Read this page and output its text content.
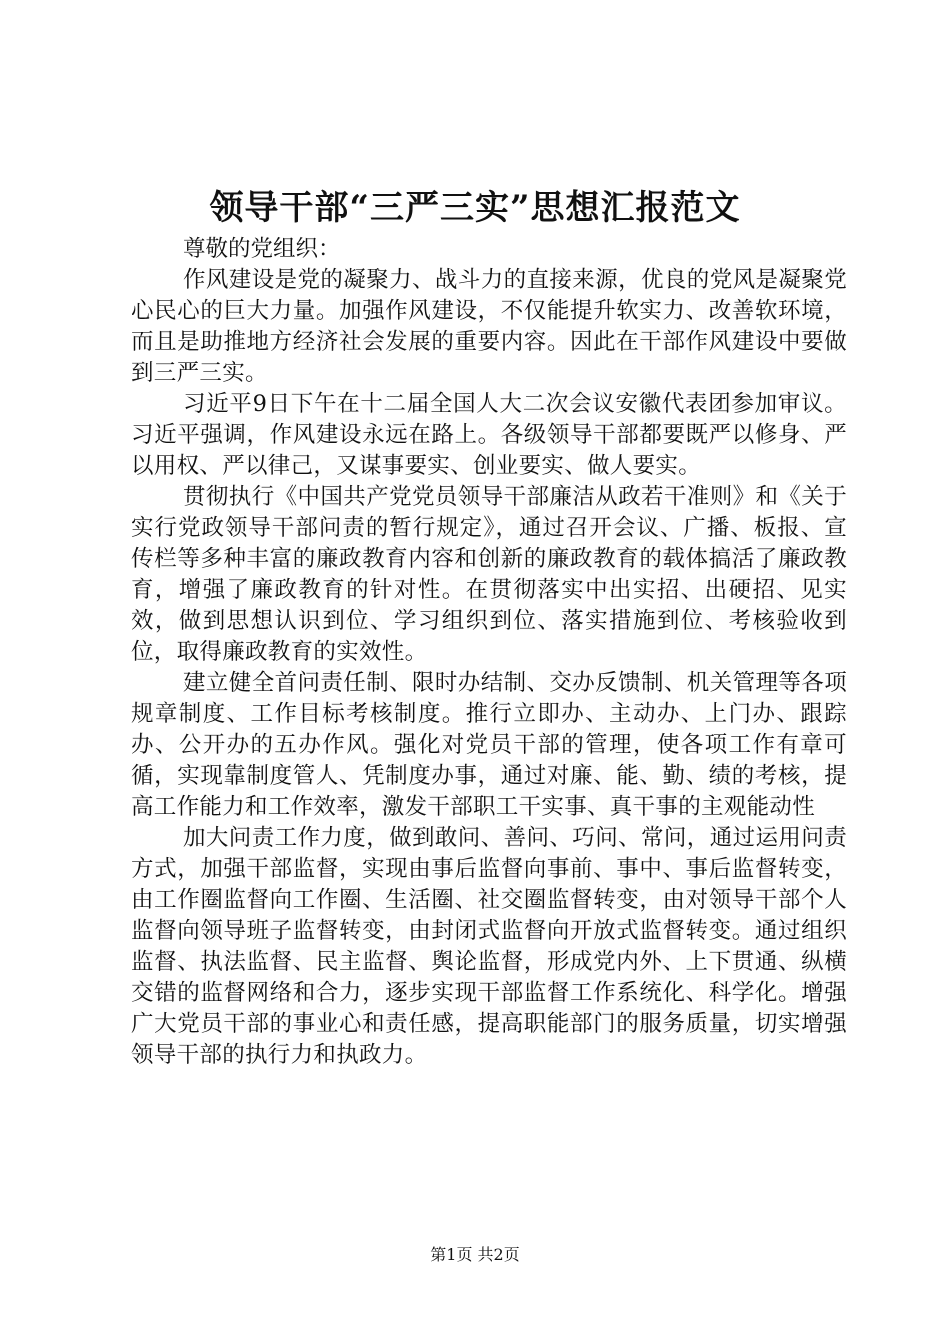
领导干部“三严三实”思想汇报范文

尊敬的党组织：

作风建设是党的凝聚力、战斗力的直接来源，优良的党风是凝聚党心民心的巨大力量。加强作风建设，不仅能提升软实力、改善软环境，而且是助推地方经济社会发展的重要内容。因此在干部作风建设中要做到三严三实。

习近平9日下午在十二届全国人大二次会议安徽代表团参加审议。习近平强调，作风建设永远在路上。各级领导干部都要既严以修身、严以用权、严以律己，又谋事要实、创业要实、做人要实。

贯彻执行《中国共产党党员领导干部廉洁从政若干准则》和《关于实行党政领导干部问责的暂行规定》，通过召开会议、广播、板报、宣传栏等多种丰富的廉政教育内容和创新的廉政教育的载体搞活了廉政教育，增强了廉政教育的针对性。在贯彻落实中出实招、出硬招、见实效，做到思想认识到位、学习组织到位、落实措施到位、考核验收到位，取得廉政教育的实效性。

建立健全首问责任制、限时办结制、交办反馈制、机关管理等各项规章制度、工作目标考核制度。推行立即办、主动办、上门办、跟踪办、公开办的五办作风。强化对党员干部的管理，使各项工作有章可循，实现靠制度管人、凭制度办事，通过对廉、能、勤、绩的考核，提高工作能力和工作效率，激发干部职工干实事、真干事的主观能动性

加大问责工作力度，做到敢问、善问、巧问、常问，通过运用问责方式，加强干部监督，实现由事后监督向事前、事中、事后监督转变，由工作圈监督向工作圈、生活圈、社交圈监督转变，由对领导干部个人监督向领导班子监督转变，由封闭式监督向开放式监督转变。通过组织监督、执法监督、民主监督、舆论监督，形成党内外、上下贯通、纵横交错的监督网络和合力，逐步实现干部监督工作系统化、科学化。增强广大党员干部的事业心和责任感，提高职能部门的服务质量，切实增强领导干部的执行力和执政力。

第1页 共2页
